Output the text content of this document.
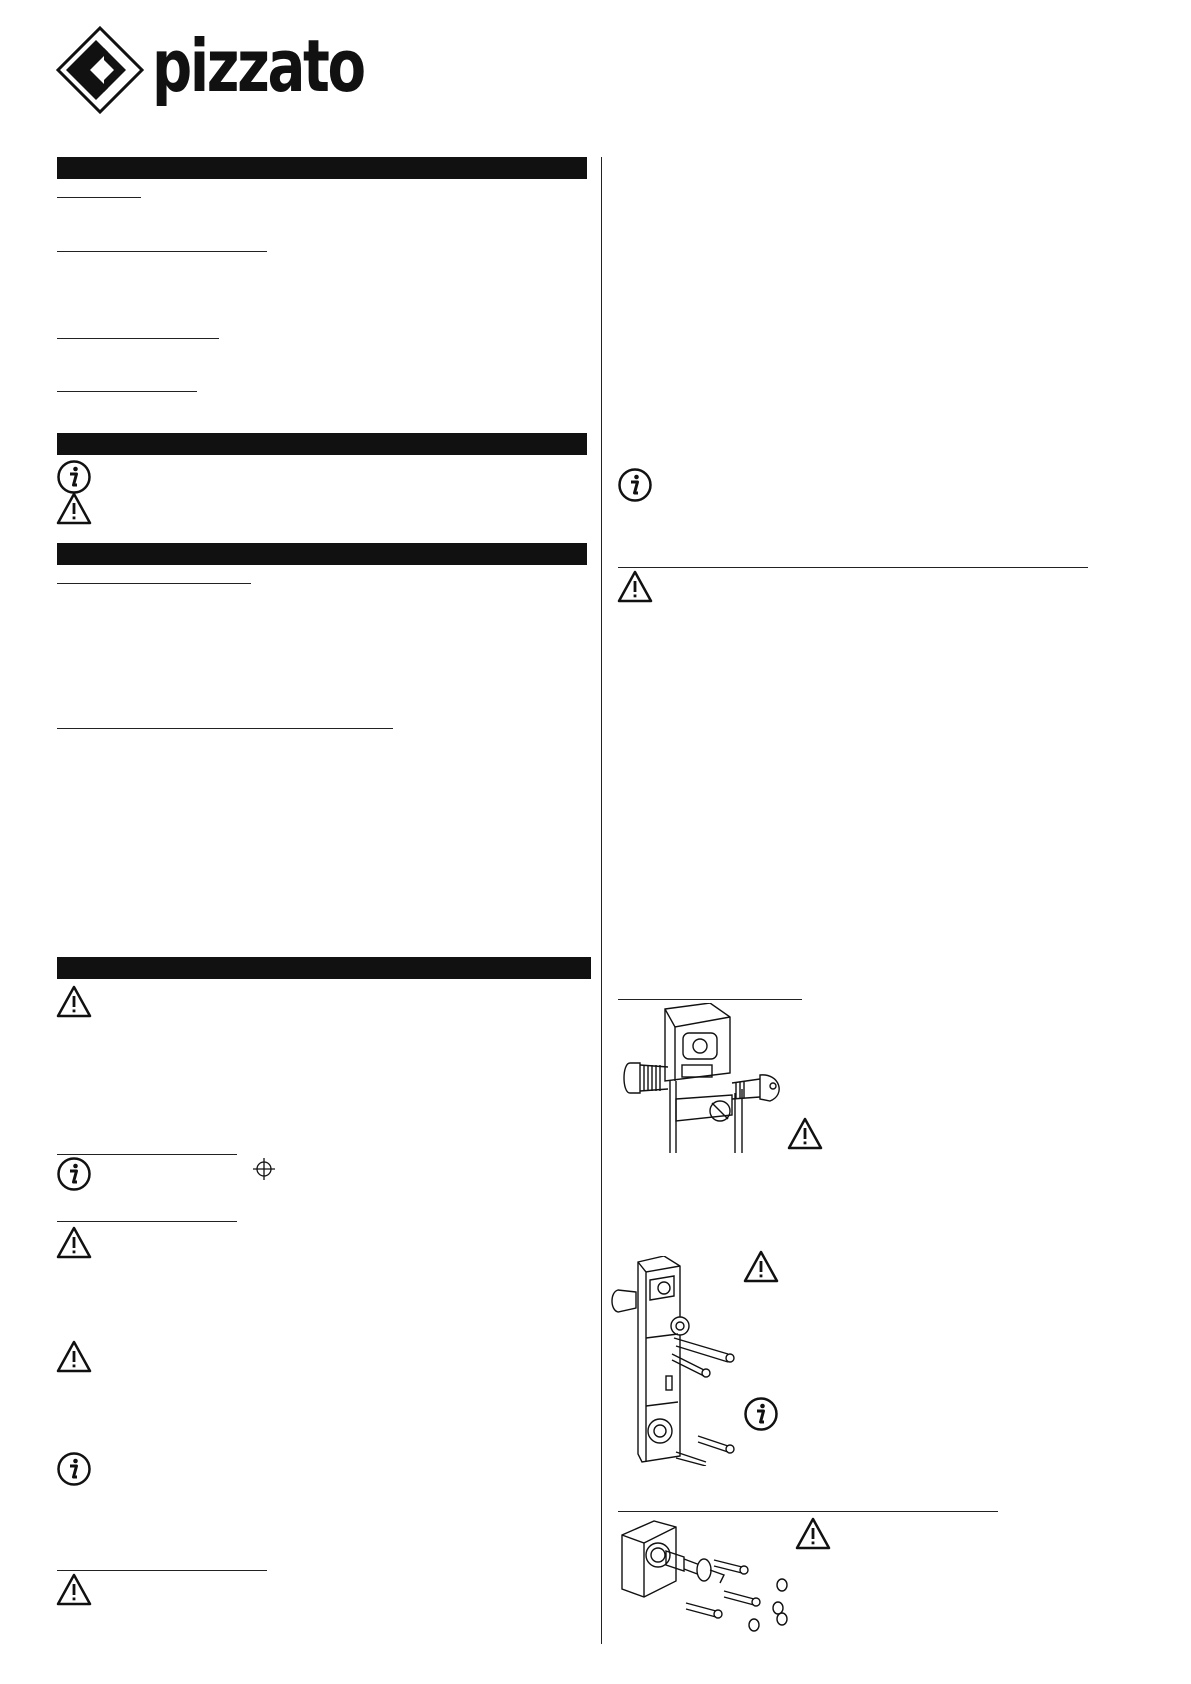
pizzato
